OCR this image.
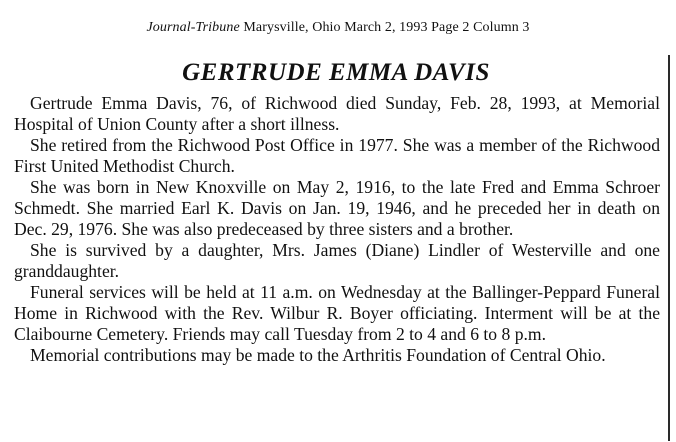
Journal-Tribune Marysville, Ohio March 2, 1993 Page 2 Column 3
GERTRUDE EMMA DAVIS

Gertrude Emma Davis, 76, of Richwood died Sunday, Feb. 28, 1993, at Memorial Hospital of Union County after a short illness.

She retired from the Richwood Post Office in 1977. She was a member of the Richwood First United Methodist Church.

She was born in New Knoxville on May 2, 1916, to the late Fred and Emma Schroer Schmedt. She married Earl K. Davis on Jan. 19, 1946, and he preceded her in death on Dec. 29, 1976. She was also predeceased by three sisters and a brother.

She is survived by a daughter, Mrs. James (Diane) Lindler of Westerville and one granddaughter.

Funeral services will be held at 11 a.m. on Wednesday at the Ballinger-Peppard Funeral Home in Richwood with the Rev. Wilbur R. Boyer officiating. Interment will be at the Claibourne Cemetery. Friends may call Tuesday from 2 to 4 and 6 to 8 p.m.

Memorial contributions may be made to the Arthritis Foundation of Central Ohio.
